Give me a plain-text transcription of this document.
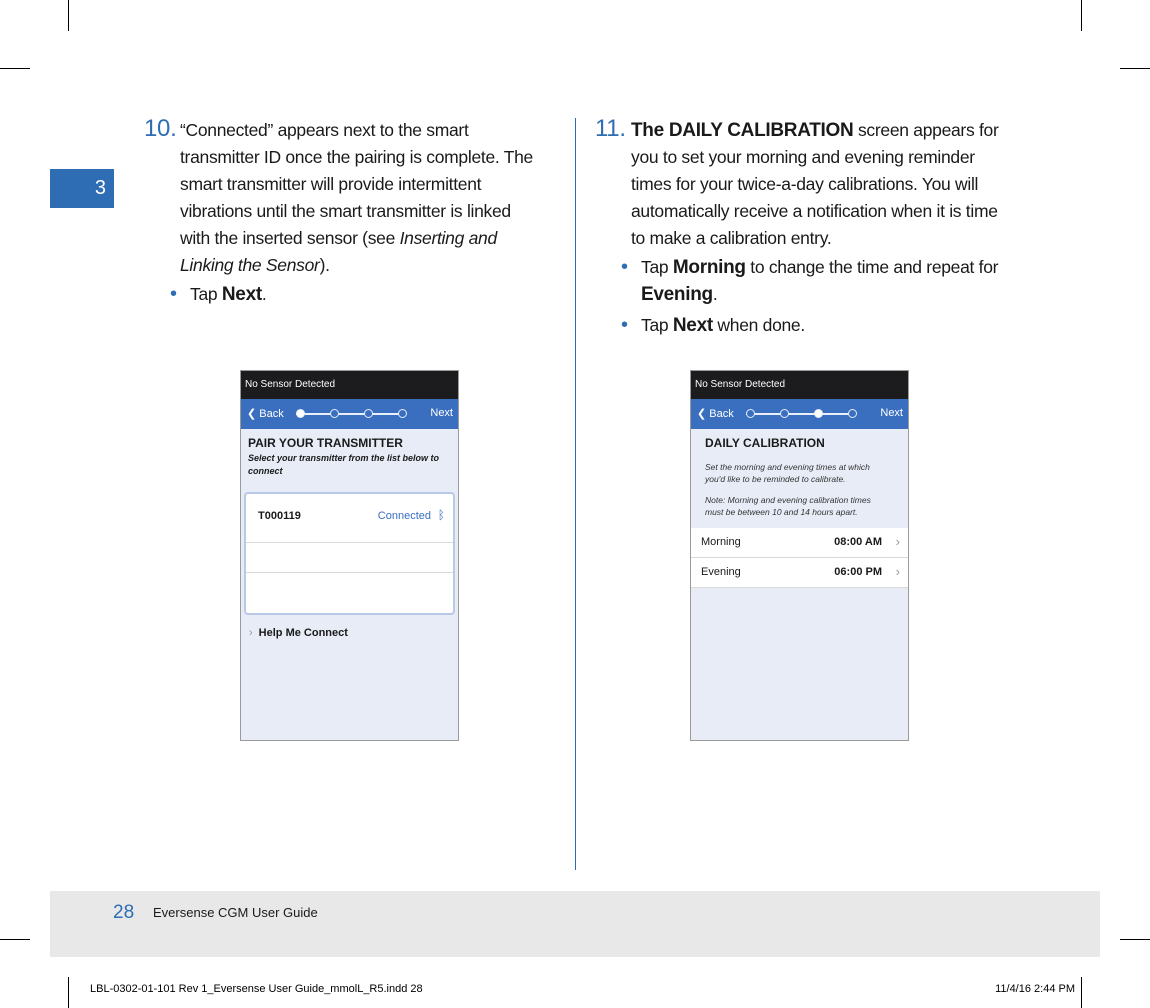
3
10. “Connected” appears next to the smart transmitter ID once the pairing is complete. The smart transmitter will provide intermittent vibrations until the smart transmitter is linked with the inserted sensor (see Inserting and Linking the Sensor).
• Tap Next.
11. The DAILY CALIBRATION screen appears for you to set your morning and evening reminder times for your twice-a-day calibrations. You will automatically receive a notification when it is time to make a calibration entry.
• Tap Morning to change the time and repeat for Evening.
• Tap Next when done.
No Sensor Detected
❮ Back	Next
PAIR YOUR TRANSMITTER
Select your transmitter from the list below to connect
T000119	Connected ᛒ
› Help Me Connect
No Sensor Detected
❮ Back	Next
DAILY CALIBRATION
Set the morning and evening times at which you'd like to be reminded to calibrate.
Note: Morning and evening calibration times must be between 10 and 14 hours apart.
Morning	08:00 AM ›
Evening	06:00 PM ›
28 Eversense CGM User Guide
LBL-0302-01-101 Rev 1_Eversense User Guide_mmolL_R5.indd 28	11/4/16 2:44 PM
